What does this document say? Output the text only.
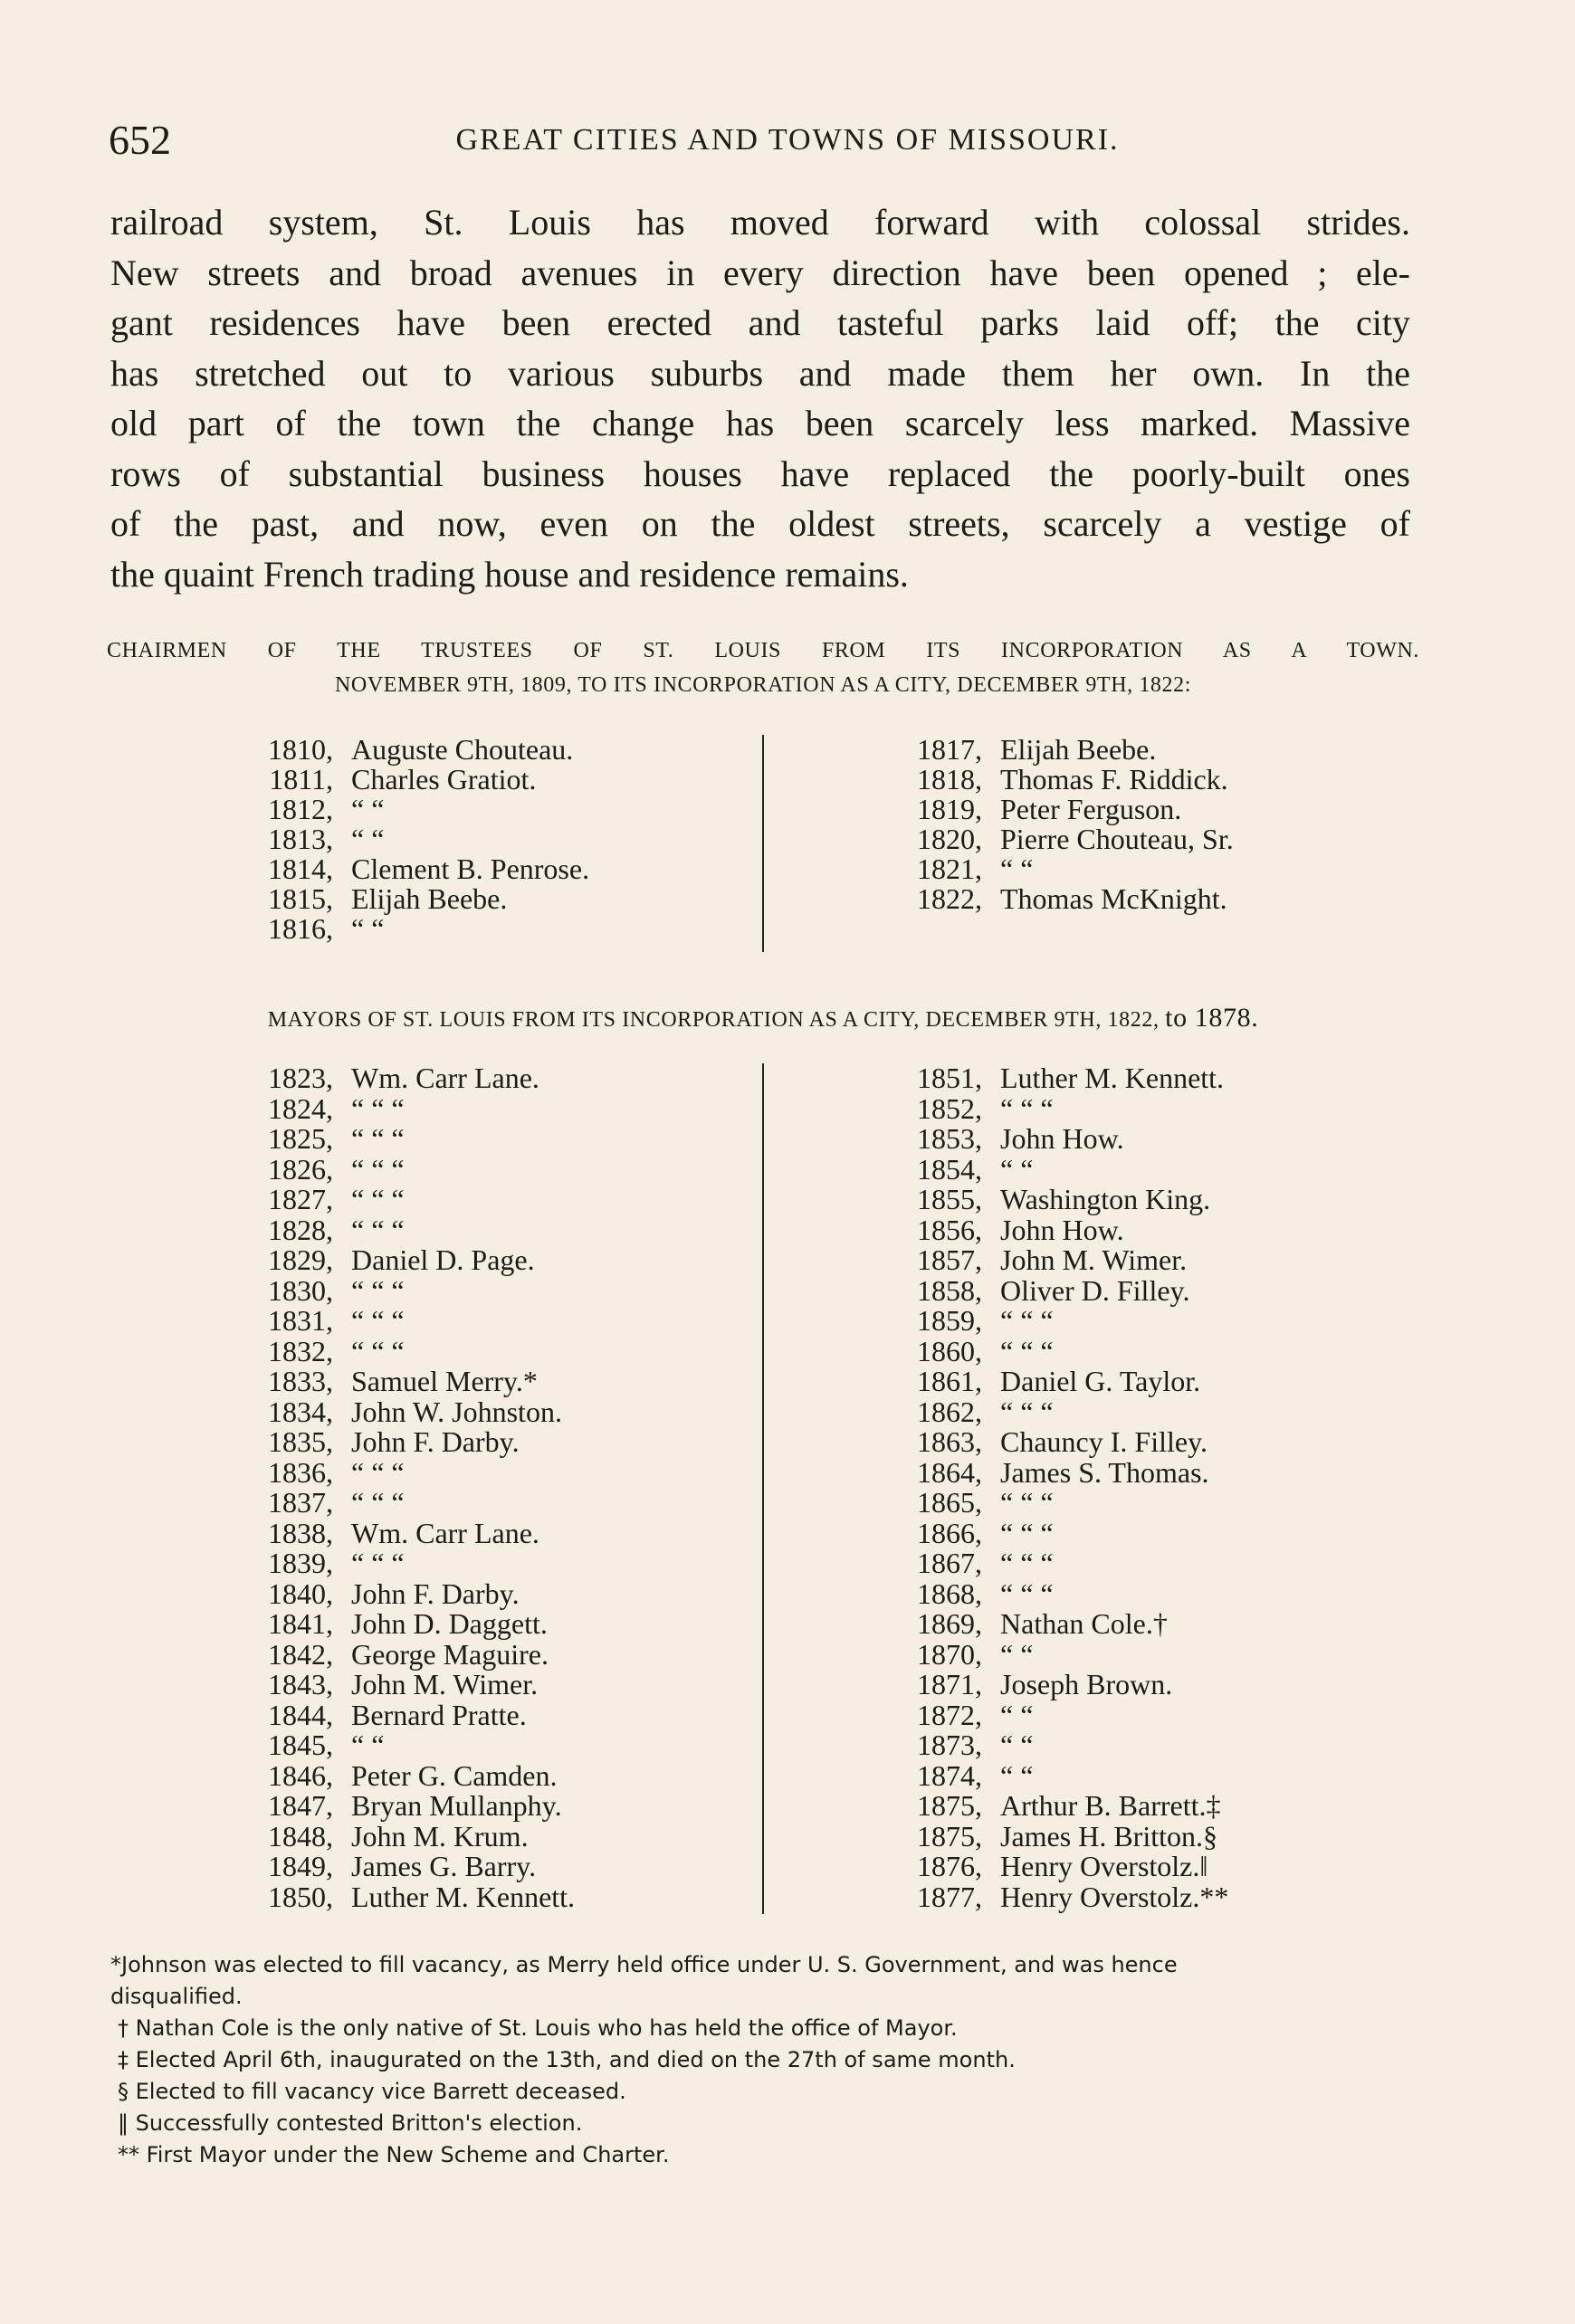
652	GREAT CITIES AND TOWNS OF MISSOURI.
railroad system, St. Louis has moved forward with colossal strides.
New streets and broad avenues in every direction have been opened ; ele-
gant residences have been erected and tasteful parks laid off; the city
has stretched out to various suburbs and made them her own. In the
old part of the town the change has been scarcely less marked. Massive
rows of substantial business houses have replaced the poorly-built ones
of the past, and now, even on the oldest streets, scarcely a vestige of
the quaint French trading house and residence remains.
CHAIRMEN OF THE TRUSTEES OF ST. LOUIS FROM ITS INCORPORATION AS A TOWN.
NOVEMBER 9TH, 1809, TO ITS INCORPORATION AS A CITY, DECEMBER 9TH, 1822:
1810, Auguste Chouteau.
1811, Charles Gratiot.
1812, “ “
1813, “ “
1814, Clement B. Penrose.
1815, Elijah Beebe.
1816, “ “
1817, Elijah Beebe.
1818, Thomas F. Riddick.
1819, Peter Ferguson.
1820, Pierre Chouteau, Sr.
1821, “ “
1822, Thomas McKnight.
MAYORS OF ST. LOUIS FROM ITS INCORPORATION AS A CITY, DECEMBER 9TH, 1822, to 1878.
1823, Wm. Carr Lane.
1824, “ “ “
1825, “ “ “
1826, “ “ “
1827, “ “ “
1828, “ “ “
1829, Daniel D. Page.
1830, “ “ “
1831, “ “ “
1832, “ “ “
1833, Samuel Merry.*
1834, John W. Johnston.
1835, John F. Darby.
1836, “ “ “
1837, “ “ “
1838, Wm. Carr Lane.
1839, “ “ “
1840, John F. Darby.
1841, John D. Daggett.
1842, George Maguire.
1843, John M. Wimer.
1844, Bernard Pratte.
1845, “ “
1846, Peter G. Camden.
1847, Bryan Mullanphy.
1848, John M. Krum.
1849, James G. Barry.
1850, Luther M. Kennett.
1851, Luther M. Kennett.
1852, “ “ “
1853, John How.
1854, “ “
1855, Washington King.
1856, John How.
1857, John M. Wimer.
1858, Oliver D. Filley.
1859, “ “ “
1860, “ “ “
1861, Daniel G. Taylor.
1862, “ “ “
1863, Chauncy I. Filley.
1864, James S. Thomas.
1865, “ “ “
1866, “ “ “
1867, “ “ “
1868, “ “ “
1869, Nathan Cole.†
1870, “ “
1871, Joseph Brown.
1872, “ “
1873, “ “
1874, “ “
1875, Arthur B. Barrett.‡
1875, James H. Britton.§
1876, Henry Overstolz.‖
1877, Henry Overstolz.**
*Johnson was elected to fill vacancy, as Merry held office under U. S. Government, and was hence
disqualified.
† Nathan Cole is the only native of St. Louis who has held the office of Mayor.
‡ Elected April 6th, inaugurated on the 13th, and died on the 27th of same month.
§ Elected to fill vacancy vice Barrett deceased.
‖ Successfully contested Britton's election.
** First Mayor under the New Scheme and Charter.
